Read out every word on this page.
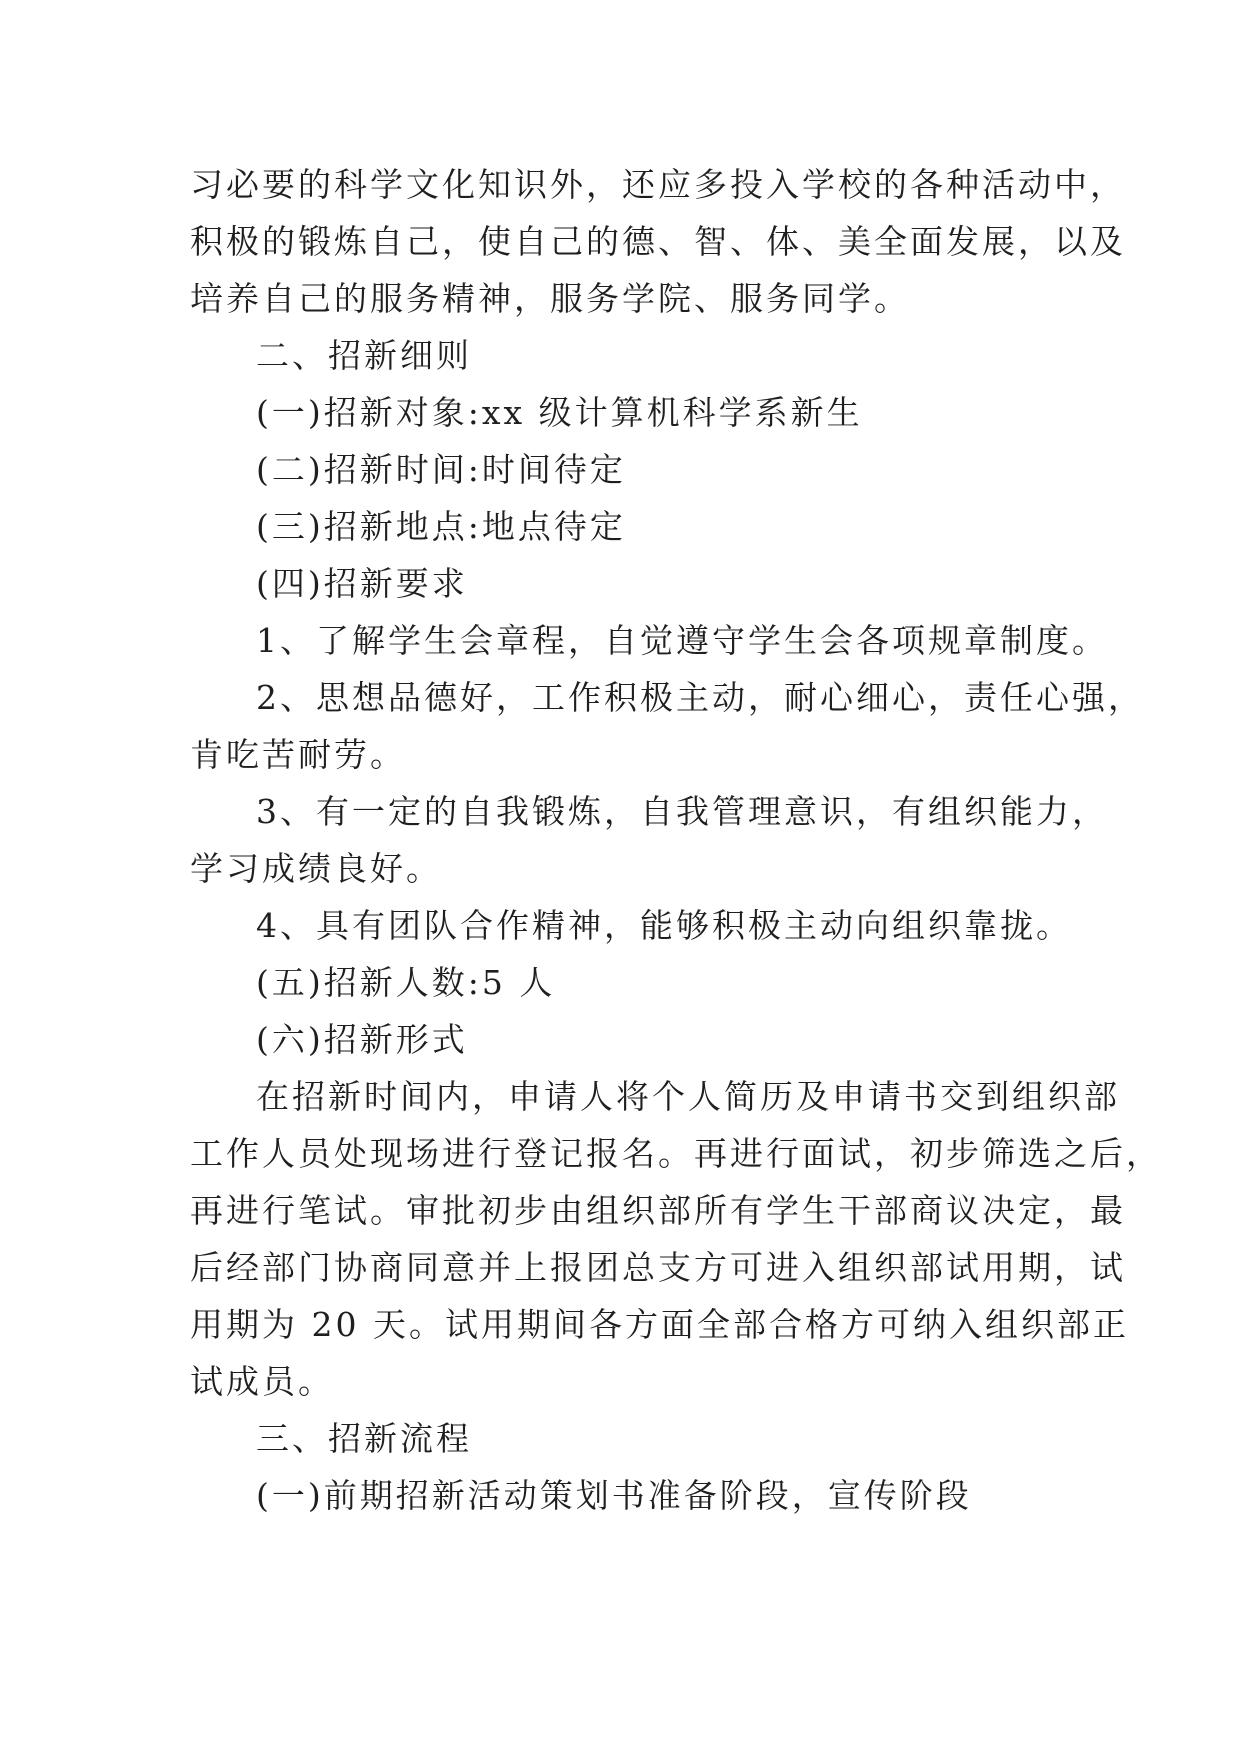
习必要的科学文化知识外，还应多投入学校的各种活动中，
积极的锻炼自己，使自己的德、智、体、美全面发展，以及
培养自己的服务精神，服务学院、服务同学。
二、招新细则
(一)招新对象:xx 级计算机科学系新生
(二)招新时间:时间待定
(三)招新地点:地点待定
(四)招新要求
1、了解学生会章程，自觉遵守学生会各项规章制度。
2、思想品德好，工作积极主动，耐心细心，责任心强，
肯吃苦耐劳。
3、有一定的自我锻炼，自我管理意识，有组织能力，
学习成绩良好。
4、具有团队合作精神，能够积极主动向组织靠拢。
(五)招新人数:5 人
(六)招新形式
在招新时间内，申请人将个人简历及申请书交到组织部
工作人员处现场进行登记报名。再进行面试，初步筛选之后，
再进行笔试。审批初步由组织部所有学生干部商议决定，最
后经部门协商同意并上报团总支方可进入组织部试用期，试
用期为 20 天。试用期间各方面全部合格方可纳入组织部正
试成员。
三、招新流程
(一)前期招新活动策划书准备阶段，宣传阶段
